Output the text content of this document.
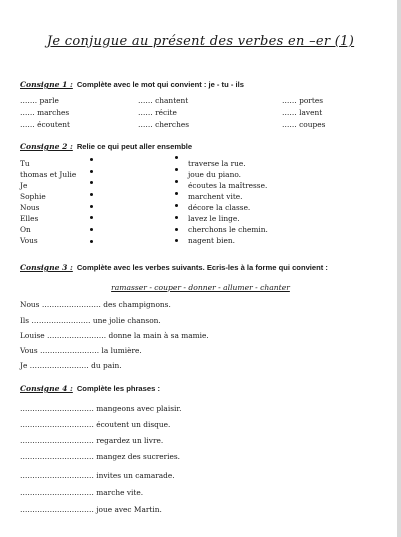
Je conjugue au présent des verbes en –er (1)
Consigne 1 : Complète avec le mot qui convient : je - tu - ils
……. parle	…… chantent	…… portes
…… marches	…… récite	…… lavent
…… écoutent	…… cherches	…… coupes
Consigne 2 : Relie ce qui peut aller ensemble
Tu
thomas et Julie
Je
Sophie
Nous
Elles
On
Vous
traverse la rue.
joue du piano.
écoutes la maîtresse.
marchent vite.
décore la classe.
lavez le linge.
cherchons le chemin.
nagent bien.
Consigne 3 : Complète avec les verbes suivants. Ecris-les à la forme qui convient :
ramasser - couper - donner - allumer - chanter
Nous …………………… des champignons.
Ils …………………… une jolie chanson.
Louise …………………… donne la main à sa mamie.
Vous …………………… la lumière.
Je …………………… du pain.
Consigne 4 : Complète les phrases :
………………………… mangeons avec plaisir.
………………………… écoutent un disque.
………………………… regardez un livre.
………………………… mangez des sucreries.
………………………… invites un camarade.
………………………… marche vite.
………………………… joue avec Martin.
